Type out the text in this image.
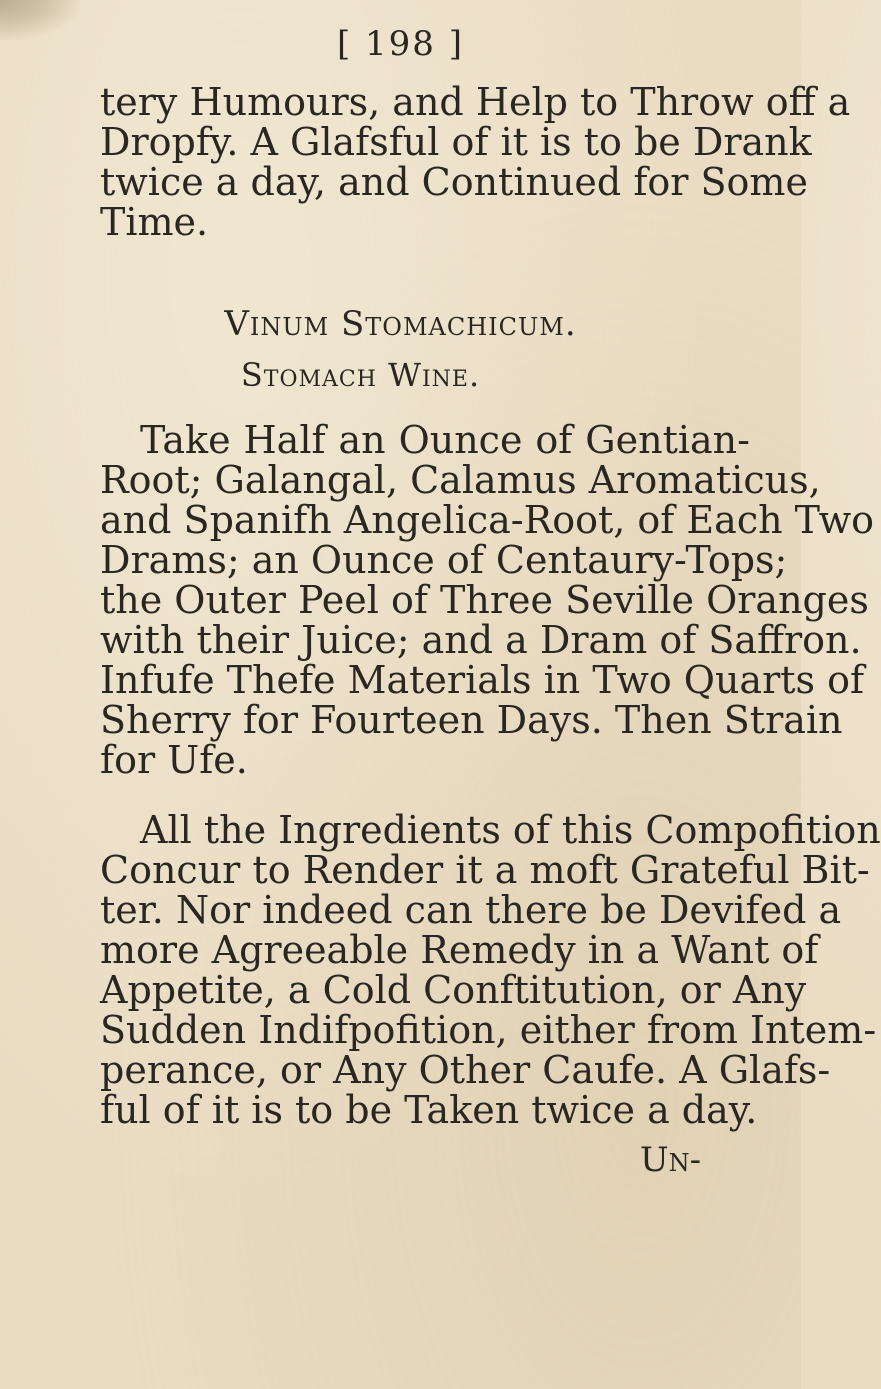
[ 198 ]
tery Humours, and Help to Throw off a
Dropfy. A Glafsful of it is to be Drank
twice a day, and Continued for Some
Time.
Vinum Stomachicum.
Stomach Wine.
Take Half an Ounce of Gentian-
Root; Galangal, Calamus Aromaticus,
and Spanifh Angelica-Root, of Each Two
Drams; an Ounce of Centaury-Tops;
the Outer Peel of Three Seville Oranges
with their Juice; and a Dram of Saffron.
Infufe Thefe Materials in Two Quarts of
Sherry for Fourteen Days. Then Strain
for Ufe.
All the Ingredients of this Compofition
Concur to Render it a moft Grateful Bit-
ter. Nor indeed can there be Devifed a
more Agreeable Remedy in a Want of
Appetite, a Cold Conftitution, or Any
Sudden Indifpofition, either from Intem-
perance, or Any Other Caufe. A Glafs-
ful of it is to be Taken twice a day.
Un-
